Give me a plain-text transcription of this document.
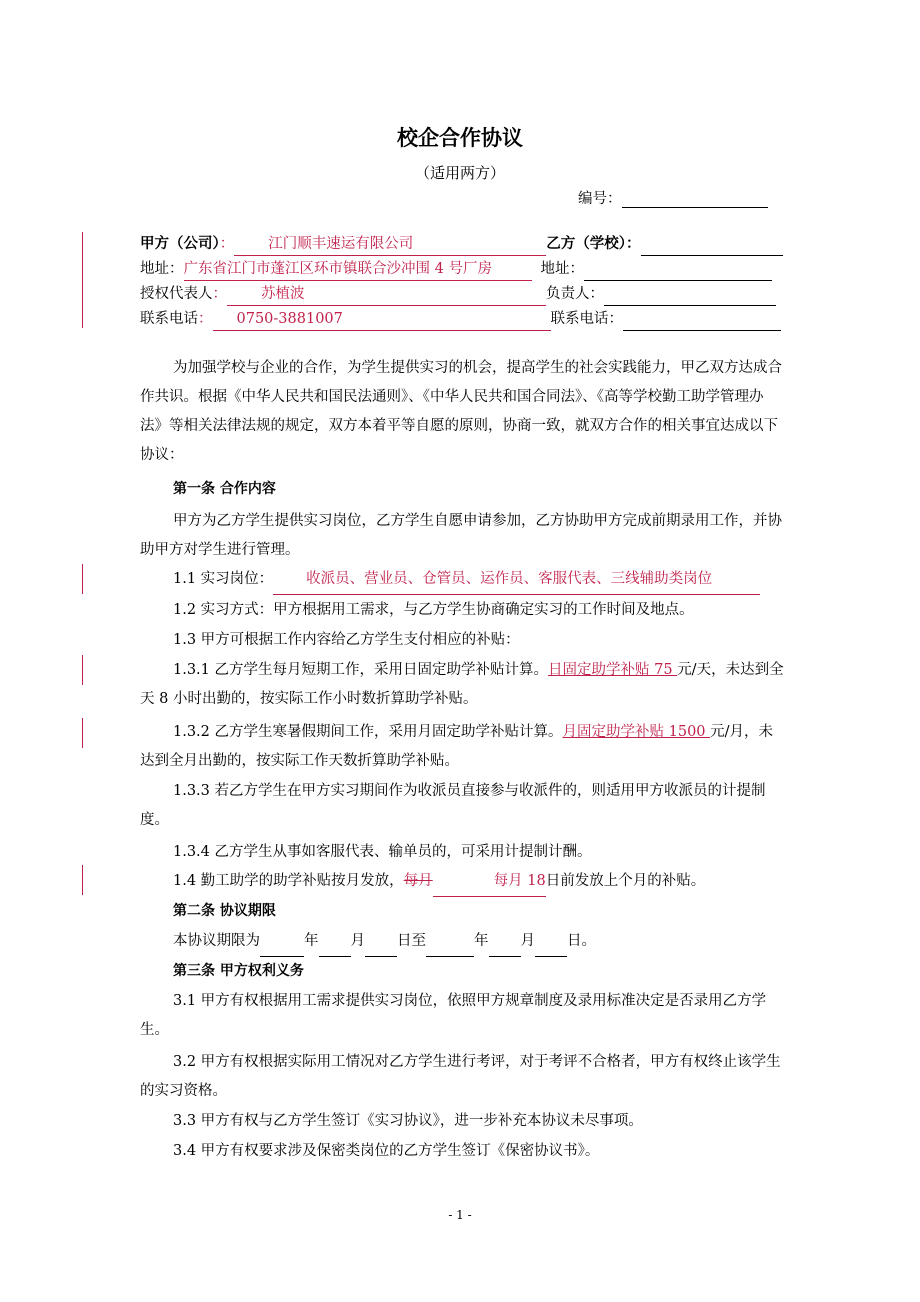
校企合作协议
（适用两方）
编号：
甲方（公司）： 江门顺丰速运有限公司	乙方（学校）：
地址：广东省江门市蓬江区环市镇联合沙冲围 4 号厂房	地址：
授权代表人： 苏植波	负责人：
联系电话： 0750-3881007	联系电话：
为加强学校与企业的合作，为学生提供实习的机会，提高学生的社会实践能力，甲乙双方达成合作共识。根据《中华人民共和国民法通则》、《中华人民共和国合同法》、《高等学校勤工助学管理办法》等相关法律法规的规定，双方本着平等自愿的原则，协商一致，就双方合作的相关事宜达成以下协议：
第一条 合作内容
甲方为乙方学生提供实习岗位，乙方学生自愿申请参加，乙方协助甲方完成前期录用工作，并协助甲方对学生进行管理。
1.1 实习岗位： 收派员、营业员、仓管员、运作员、客服代表、三线辅助类岗位
1.2 实习方式：甲方根据用工需求，与乙方学生协商确定实习的工作时间及地点。
1.3 甲方可根据工作内容给乙方学生支付相应的补贴：
1.3.1 乙方学生每月短期工作，采用日固定助学补贴计算。日固定助学补贴 75 元/天，未达到全天 8 小时出勤的，按实际工作小时数折算助学补贴。
1.3.2 乙方学生寒暑假期间工作，采用月固定助学补贴计算。月固定助学补贴 1500 元/月，未达到全月出勤的，按实际工作天数折算助学补贴。
1.3.3 若乙方学生在甲方实习期间作为收派员直接参与收派件的，则适用甲方收派员的计提制度。
1.3.4 乙方学生从事如客服代表、输单员的，可采用计提制计酬。
1.4 勤工助学的助学补贴按月发放，每月	每月 18日前发放上个月的补贴。
第二条 协议期限
本协议期限为	年 月 日至	年 月 日。
第三条 甲方权利义务
3.1 甲方有权根据用工需求提供实习岗位，依照甲方规章制度及录用标准决定是否录用乙方学生。
3.2 甲方有权根据实际用工情况对乙方学生进行考评，对于考评不合格者，甲方有权终止该学生的实习资格。
3.3 甲方有权与乙方学生签订《实习协议》，进一步补充本协议未尽事项。
3.4 甲方有权要求涉及保密类岗位的乙方学生签订《保密协议书》。
- 1 -
